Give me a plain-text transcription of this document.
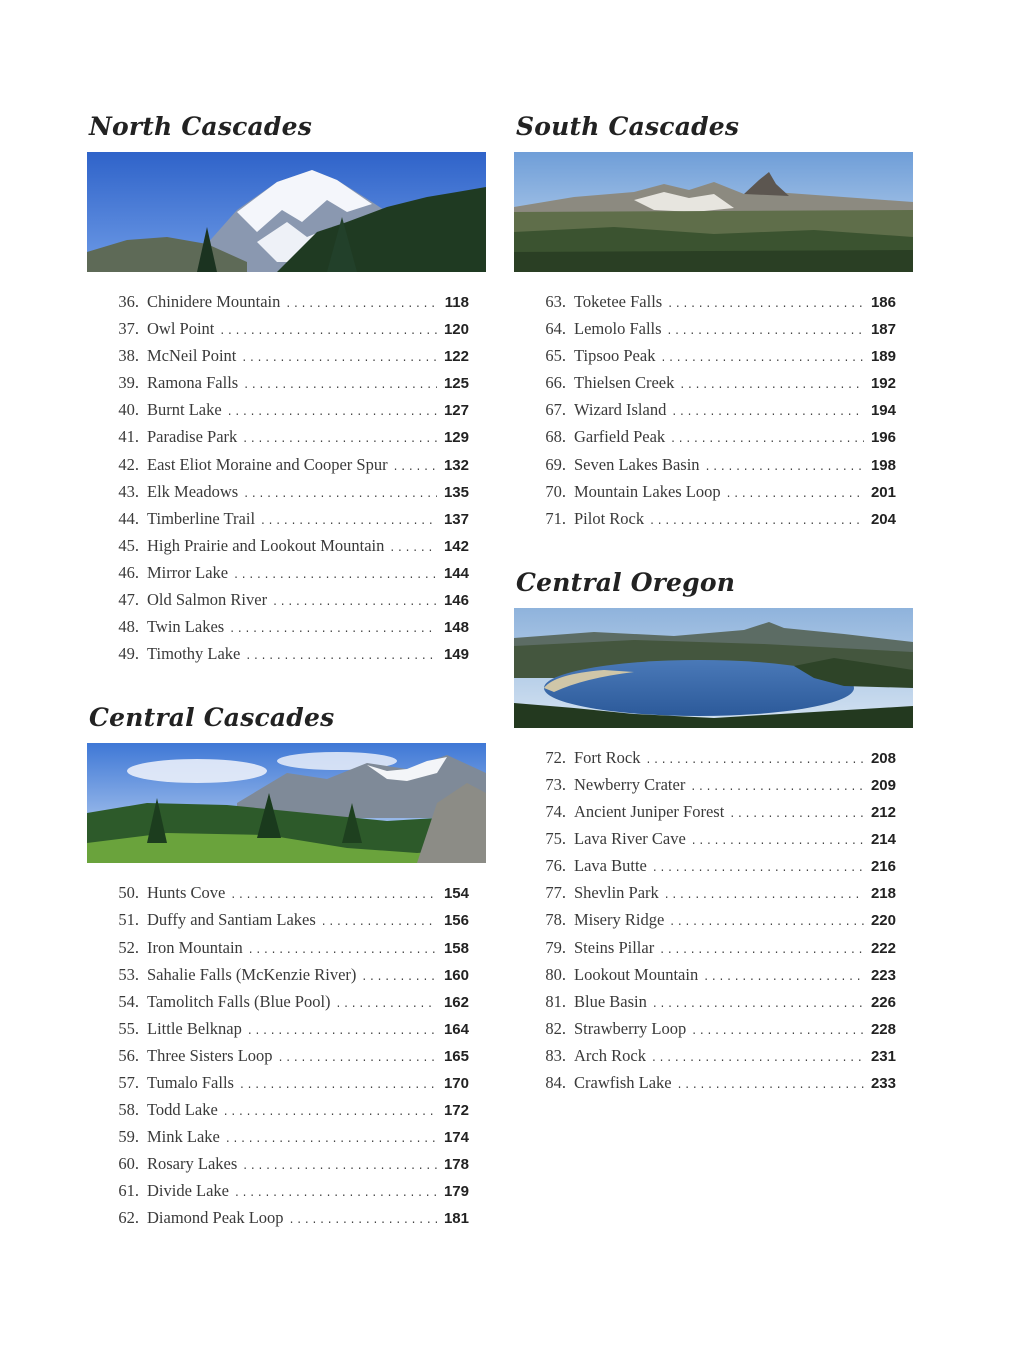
North Cascades
36. Chinidere Mountain . . .	118
37. Owl Point . . .	120
38. McNeil Point . . .	122
39. Ramona Falls . . .	125
40. Burnt Lake . . .	127
41. Paradise Park . . .	129
42. East Eliot Moraine and Cooper Spur . . .	132
43. Elk Meadows . . .	135
44. Timberline Trail . . .	137
45. High Prairie and Lookout Mountain . . .	142
46. Mirror Lake . . .	144
47. Old Salmon River . . .	146
48. Twin Lakes . . .	148
49. Timothy Lake . . .	149
Central Cascades
50. Hunts Cove . . .	154
51. Duffy and Santiam Lakes . . .	156
52. Iron Mountain . . .	158
53. Sahalie Falls (McKenzie River) . . .	160
54. Tamolitch Falls (Blue Pool) . . .	162
55. Little Belknap . . .	164
56. Three Sisters Loop . . .	165
57. Tumalo Falls . . .	170
58. Todd Lake . . .	172
59. Mink Lake . . .	174
60. Rosary Lakes . . .	178
61. Divide Lake . . .	179
62. Diamond Peak Loop . . .	181
South Cascades
63. Toketee Falls . . .	186
64. Lemolo Falls . . .	187
65. Tipsoo Peak . . .	189
66. Thielsen Creek . . .	192
67. Wizard Island . . .	194
68. Garfield Peak . . .	196
69. Seven Lakes Basin . . .	198
70. Mountain Lakes Loop . . .	201
71. Pilot Rock . . .	204
Central Oregon
72. Fort Rock . . .	208
73. Newberry Crater . . .	209
74. Ancient Juniper Forest . . .	212
75. Lava River Cave . . .	214
76. Lava Butte . . .	216
77. Shevlin Park . . .	218
78. Misery Ridge . . .	220
79. Steins Pillar . . .	222
80. Lookout Mountain . . .	223
81. Blue Basin . . .	226
82. Strawberry Loop . . .	228
83. Arch Rock . . .	231
84. Crawfish Lake . . .	233
